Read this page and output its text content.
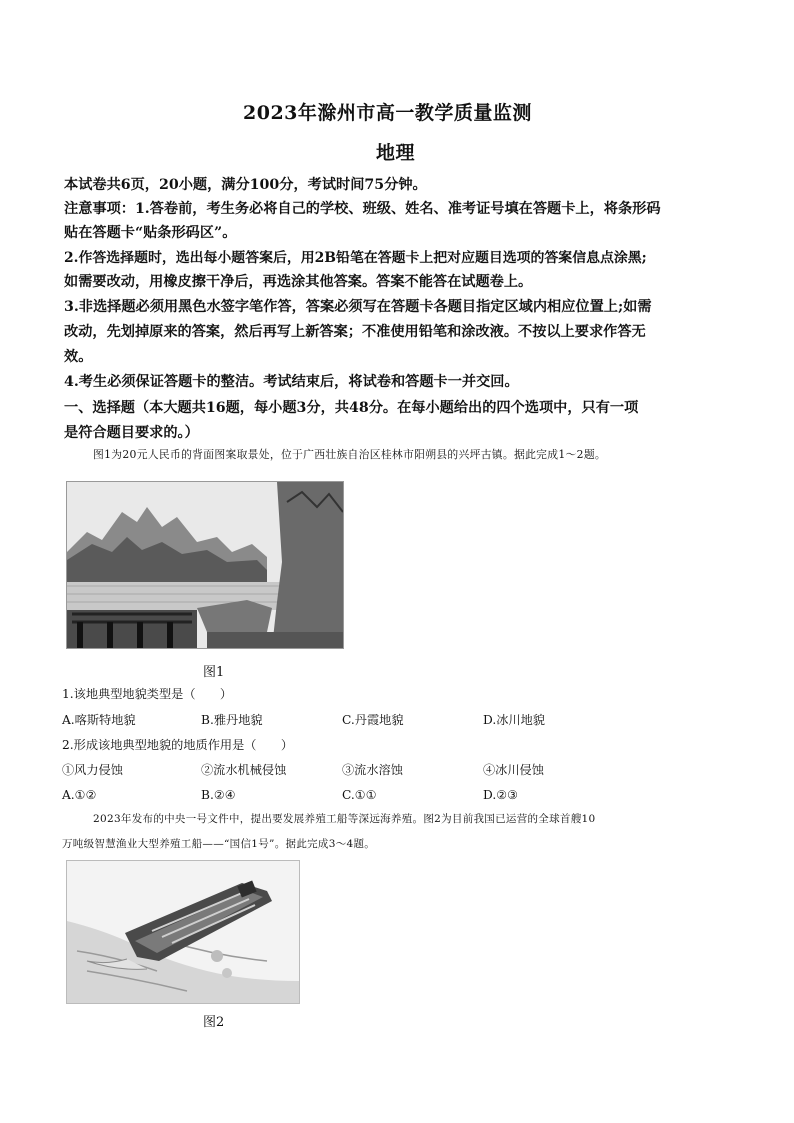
2023年滁州市高一教学质量监测
地理
本试卷共6页，20小题，满分100分，考试时间75分钟。
注意事项：1.答卷前，考生务必将自己的学校、班级、姓名、准考证号填在答题卡上，将条形码
贴在答题卡“贴条形码区”。
2.作答选择题时，选出每小题答案后，用2B铅笔在答题卡上把对应题目选项的答案信息点涂黑;
如需要改动，用橡皮擦干净后，再选涂其他答案。答案不能答在试题卷上。
3.非选择题必须用黑色水签字笔作答，答案必须写在答题卡各题目指定区域内相应位置上;如需
改动，先划掉原来的答案，然后再写上新答案；不准使用铅笔和涂改液。不按以上要求作答无
效。
4.考生必须保证答题卡的整洁。考试结束后，将试卷和答题卡一并交回。
一、选择题（本大题共16题，每小题3分，共48分。在每小题给出的四个选项中，只有一项
是符合题目要求的。）
图1为20元人民币的背面图案取景处，位于广西壮族自治区桂林市阳朔县的兴坪古镇。据此完成1～2题。
图1
1.该地典型地貌类型是（　　）
A.喀斯特地貌	B.雅丹地貌	C.丹霞地貌	D.冰川地貌
2.形成该地典型地貌的地质作用是（　　）
①风力侵蚀	②流水机械侵蚀	③流水溶蚀	④冰川侵蚀
A.①②	B.②④	C.①①	D.②③
2023年发布的中央一号文件中，提出要发展养殖工船等深远海养殖。图2为目前我国已运营的全球首艘10
万吨级智慧渔业大型养殖工船——“国信1号”。据此完成3～4题。
图2
